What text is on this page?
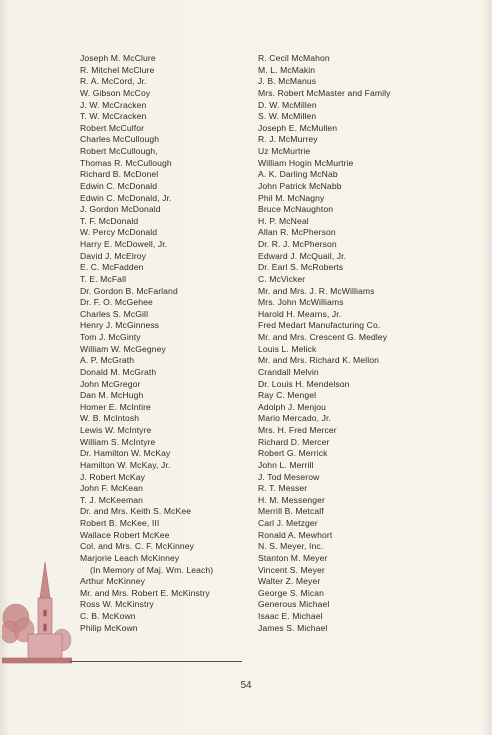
Joseph M. McClure
R. Mitchel McClure
R. A. McCord, Jr.
W. Gibson McCoy
J. W. McCracken
T. W. McCracken
Robert McCulfor
Charles McCullough
Robert McCullough,
Thomas R. McCullough
Richard B. McDonel
Edwin C. McDonald
Edwin C. McDonald, Jr.
J. Gordon McDonald
T. F. McDonald
W. Percy McDonald
Harry E. McDowell, Jr.
David J. McElroy
E. C. McFadden
T. E. McFall
Dr. Gordon B. McFarland
Dr. F. O. McGehee
Charles S. McGill
Henry J. McGinness
Tom J. McGinty
William W. McGegney
A. P. McGrath
Donald M. McGrath
John McGregor
Dan M. McHugh
Homer E. McIntire
W. B. McIntosh
Lewis W. McIntyre
William S. McIntyre
Dr. Hamilton W. McKay
Hamilton W. McKay, Jr.
J. Robert McKay
John F. McKean
T. J. McKeeman
Dr. and Mrs. Keith S. McKee
Robert B. McKee, III
Wallace Robert McKee
Col. and Mrs. C. F. McKinney
Marjorie Leach McKinney
(In Memory of Maj. Wm. Leach)
Arthur McKinney
Mr. and Mrs. Robert E. McKinstry
Ross W. McKinstry
C. B. McKown
Philip McKown
R. Cecil McMahon
M. L. McMakin
J. B. McManus
Mrs. Robert McMaster and Family
D. W. McMillen
S. W. McMillen
Joseph E. McMullen
R. J. McMurrey
Uz McMurtrie
William Hogin McMurtrie
A. K. Darling McNab
John Patrick McNabb
Phil M. McNagny
Bruce McNaughton
H. P. McNeal
Allan R. McPherson
Dr. R. J. McPherson
Edward J. McQuail, Jr.
Dr. Earl S. McRoberts
C. McVicker
Mr. and Mrs. J. R. McWilliams
Mrs. John McWilliams
Harold H. Mearns, Jr.
Fred Medart Manufacturing Co.
Mr. and Mrs. Crescent G. Medley
Louis L. Melick
Mr. and Mrs. Richard K. Mellon
Crandall Melvin
Dr. Louis H. Mendelson
Ray C. Mengel
Adolph J. Menjou
Mario Mercado, Jr.
Mrs. H. Fred Mercer
Richard D. Mercer
Robert G. Merrick
John L. Merrill
J. Tod Meserow
R. T. Messer
H. M. Messenger
Merrill B. Metcalf
Carl J. Metzger
Ronald A. Mewhort
N. S. Meyer, Inc.
Stanton M. Meyer
Vincent S. Meyer
Walter Z. Meyer
George S. Mican
Generous Michael
Isaac E. Michael
James S. Michael
54
